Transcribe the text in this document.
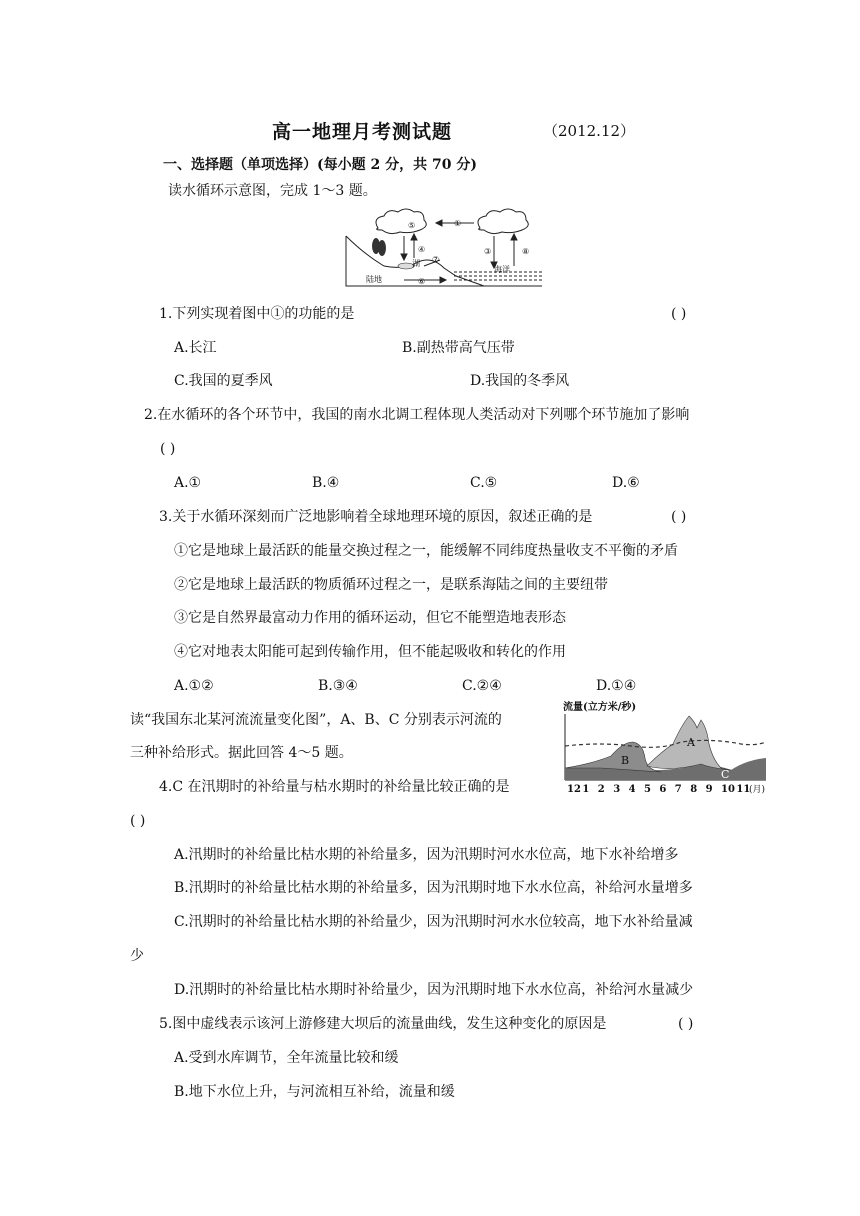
高一地理月考测试题	（2012.12）
一、选择题（单项选择）(每小题 2 分，共 70 分)
读水循环示意图，完成 1～3 题。
①
③	⑧
④
⑦
⑥
⑤
湖
陆地
海洋
1.下列实现着图中①的功能的是	( )
A.长江	B.副热带高气压带
C.我国的夏季风	D.我国的冬季风
2.在水循环的各个环节中，我国的南水北调工程体现人类活动对下列哪个环节施加了影响
( )
A.①	B.④	C.⑤	D.⑥
3.关于水循环深刻而广泛地影响着全球地理环境的原因，叙述正确的是	( )
①它是地球上最活跃的能量交换过程之一，能缓解不同纬度热量收支不平衡的矛盾
②它是地球上最活跃的物质循环过程之一，是联系海陆之间的主要纽带
③它是自然界最富动力作用的循环运动，但它不能塑造地表形态
④它对地表太阳能可起到传输作用，但不能起吸收和转化的作用
A.①②	B.③④	C.②④	D.①④
读“我国东北某河流流量变化图”，A、B、C 分别表示河流的
三种补给形式。据此回答 4～5 题。
流量(立方米/秒)
A
B
C
12 1 2 3 4 5 6 7 8 9 10 11
(月)
4.C 在汛期时的补给量与枯水期时的补给量比较正确的是
( )
A.汛期时的补给量比枯水期的补给量多，因为汛期时河水水位高，地下水补给增多
B.汛期时的补给量比枯水期的补给量多，因为汛期时地下水水位高，补给河水量增多
C.汛期时的补给量比枯水期的补给量少，因为汛期时河水水位较高，地下水补给量减
少
D.汛期时的补给量比枯水期时补给量少，因为汛期时地下水水位高，补给河水量减少
5.图中虚线表示该河上游修建大坝后的流量曲线，发生这种变化的原因是	( )
A.受到水库调节，全年流量比较和缓
B.地下水位上升，与河流相互补给，流量和缓
